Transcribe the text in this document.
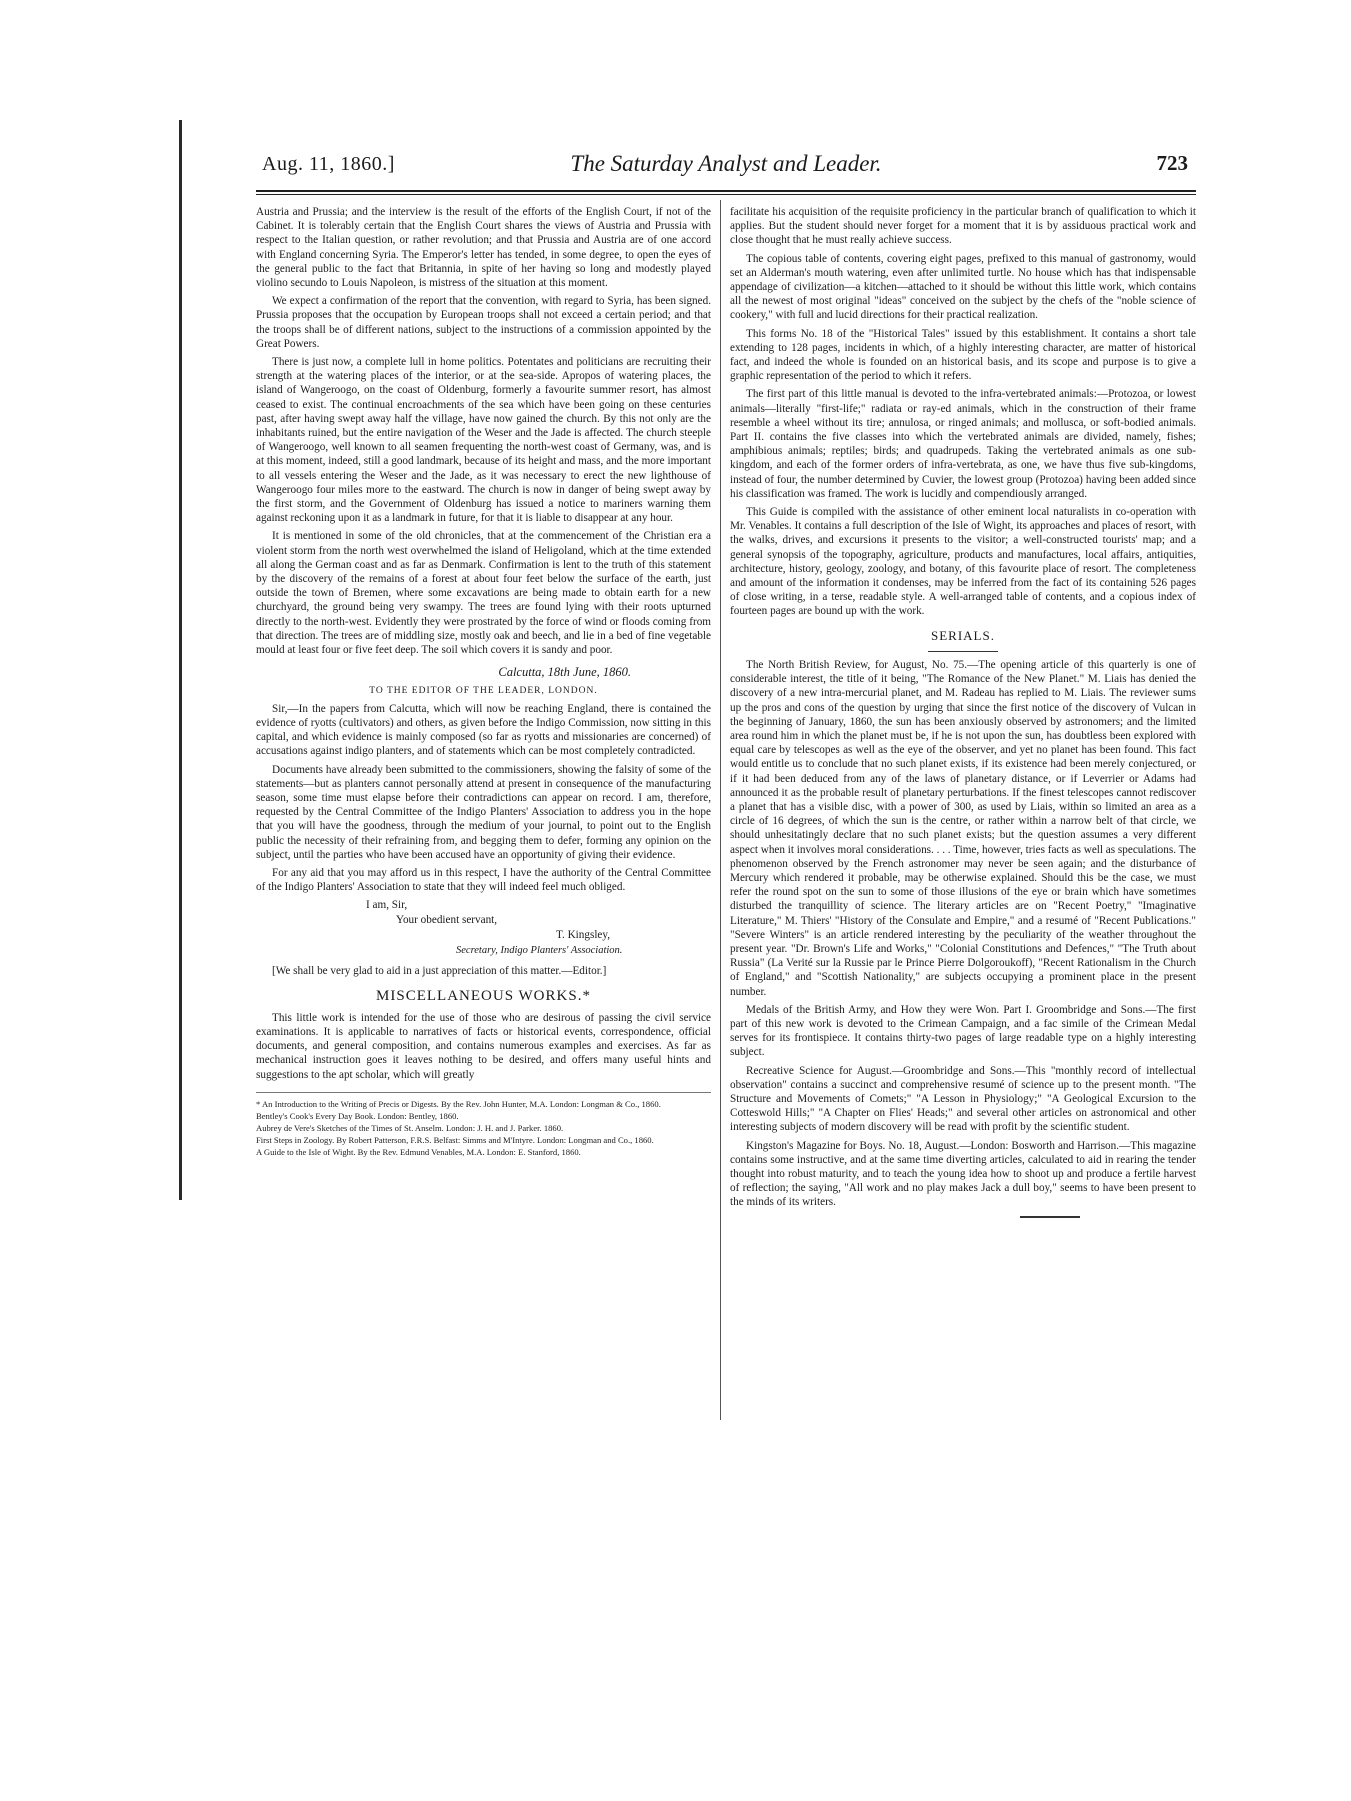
Aug. 11, 1860.]	The Saturday Analyst and Leader.	723

Austria and Prussia; and the interview is the result of the efforts of the English Court, if not of the Cabinet. It is tolerably certain that the English Court shares the views of Austria and Prussia with respect to the Italian question, or rather revolution; and that Prussia and Austria are of one accord with England concerning Syria. The Emperor's letter has tended, in some degree, to open the eyes of the general public to the fact that Britannia, in spite of her having so long and modestly played violino secundo to Louis Napoleon, is mistress of the situation at this moment.

We expect a confirmation of the report that the convention, with regard to Syria, has been signed. Prussia proposes that the occupation by European troops shall not exceed a certain period; and that the troops shall be of different nations, subject to the instructions of a commission appointed by the Great Powers.

There is just now, a complete lull in home politics. Potentates and politicians are recruiting their strength at the watering places of the interior, or at the sea-side. Apropos of watering places, the island of Wangeroogo, on the coast of Oldenburg, formerly a favourite summer resort, has almost ceased to exist. The continual encroachments of the sea which have been going on these centuries past, after having swept away half the village, have now gained the church. By this not only are the inhabitants ruined, but the entire navigation of the Weser and the Jade is affected. The church steeple of Wangeroogo, well known to all seamen frequenting the north-west coast of Germany, was, and is at this moment, indeed, still a good landmark, because of its height and mass, and the more important to all vessels entering the Weser and the Jade, as it was necessary to erect the new lighthouse of Wangeroogo four miles more to the eastward. The church is now in danger of being swept away by the first storm, and the Government of Oldenburg has issued a notice to mariners warning them against reckoning upon it as a landmark in future, for that it is liable to disappear at any hour.

It is mentioned in some of the old chronicles, that at the commencement of the Christian era a violent storm from the north west overwhelmed the island of Heligoland, which at the time extended all along the German coast and as far as Denmark. Confirmation is lent to the truth of this statement by the discovery of the remains of a forest at about four feet below the surface of the earth, just outside the town of Bremen, where some excavations are being made to obtain earth for a new churchyard, the ground being very swampy. The trees are found lying with their roots upturned directly to the north-west. Evidently they were prostrated by the force of wind or floods coming from that direction. The trees are of middling size, mostly oak and beech, and lie in a bed of fine vegetable mould at least four or five feet deep. The soil which covers it is sandy and poor.

Calcutta, 18th June, 1860.
TO THE EDITOR OF THE LEADER, LONDON.

Sir,—In the papers from Calcutta, which will now be reaching England, there is contained the evidence of ryotts (cultivators) and others, as given before the Indigo Commission, now sitting in this capital, and which evidence is mainly composed (so far as ryotts and missionaries are concerned) of accusations against indigo planters, and of statements which can be most completely contradicted.

Documents have already been submitted to the commissioners, showing the falsity of some of the statements—but as planters cannot personally attend at present in consequence of the manufacturing season, some time must elapse before their contradictions can appear on record. I am, therefore, requested by the Central Committee of the Indigo Planters' Association to address you in the hope that you will have the goodness, through the medium of your journal, to point out to the English public the necessity of their refraining from, and begging them to defer, forming any opinion on the subject, until the parties who have been accused have an opportunity of giving their evidence.

For any aid that you may afford us in this respect, I have the authority of the Central Committee of the Indigo Planters' Association to state that they will indeed feel much obliged.

I am, Sir,
Your obedient servant,
T. Kingsley,
Secretary, Indigo Planters' Association.

[We shall be very glad to aid in a just appreciation of this matter.—Editor.]

MISCELLANEOUS WORKS.*

This little work is intended for the use of those who are desirous of passing the civil service examinations. It is applicable to narratives of facts or historical events, correspondence, official documents, and general composition, and contains numerous examples and exercises. As far as mechanical instruction goes it leaves nothing to be desired, and offers many useful hints and suggestions to the apt scholar, which will greatly

* An Introduction to the Writing of Precis or Digests. By the Rev. John Hunter, M.A. London: Longman & Co., 1860.
Bentley's Cook's Every Day Book. London: Bentley, 1860.
Aubrey de Vere's Sketches of the Times of St. Anselm. London: J. H. and J. Parker. 1860.
First Steps in Zoology. By Robert Patterson, F.R.S. Belfast: Simms and M'Intyre. London: Longman and Co., 1860.
A Guide to the Isle of Wight. By the Rev. Edmund Venables, M.A. London: E. Stanford, 1860.

facilitate his acquisition of the requisite proficiency in the particular branch of qualification to which it applies. But the student should never forget for a moment that it is by assiduous practical work and close thought that he must really achieve success.

The copious table of contents, covering eight pages, prefixed to this manual of gastronomy, would set an Alderman's mouth watering, even after unlimited turtle. No house which has that indispensable appendage of civilization—a kitchen—attached to it should be without this little work, which contains all the newest of most original "ideas" conceived on the subject by the chefs of the "noble science of cookery," with full and lucid directions for their practical realization.

This forms No. 18 of the "Historical Tales" issued by this establishment. It contains a short tale extending to 128 pages, incidents in which, of a highly interesting character, are matter of historical fact, and indeed the whole is founded on an historical basis, and its scope and purpose is to give a graphic representation of the period to which it refers.

The first part of this little manual is devoted to the infra-vertebrated animals:—Protozoa, or lowest animals—literally "first-life;" radiata or ray-ed animals, which in the construction of their frame resemble a wheel without its tire; annulosa, or ringed animals; and mollusca, or soft-bodied animals. Part II. contains the five classes into which the vertebrated animals are divided, namely, fishes; amphibious animals; reptiles; birds; and quadrupeds. Taking the vertebrated animals as one sub-kingdom, and each of the former orders of infra-vertebrata, as one, we have thus five sub-kingdoms, instead of four, the number determined by Cuvier, the lowest group (Protozoa) having been added since his classification was framed. The work is lucidly and compendiously arranged.

This Guide is compiled with the assistance of other eminent local naturalists in co-operation with Mr. Venables. It contains a full description of the Isle of Wight, its approaches and places of resort, with the walks, drives, and excursions it presents to the visitor; a well-constructed tourists' map; and a general synopsis of the topography, agriculture, products and manufactures, local affairs, antiquities, architecture, history, geology, zoology, and botany, of this favourite place of resort. The completeness and amount of the information it condenses, may be inferred from the fact of its containing 526 pages of close writing, in a terse, readable style. A well-arranged table of contents, and a copious index of fourteen pages are bound up with the work.

SERIALS.

The North British Review, for August, No. 75.—The opening article of this quarterly is one of considerable interest, the title of it being, "The Romance of the New Planet." M. Liais has denied the discovery of a new intra-mercurial planet, and M. Radeau has replied to M. Liais. The reviewer sums up the pros and cons of the question by urging that since the first notice of the discovery of Vulcan in the beginning of January, 1860, the sun has been anxiously observed by astronomers; and the limited area round him in which the planet must be, if he is not upon the sun, has doubtless been explored with equal care by telescopes as well as the eye of the observer, and yet no planet has been found. This fact would entitle us to conclude that no such planet exists, if its existence had been merely conjectured, or if it had been deduced from any of the laws of planetary distance, or if Leverrier or Adams had announced it as the probable result of planetary perturbations. If the finest telescopes cannot rediscover a planet that has a visible disc, with a power of 300, as used by Liais, within so limited an area as a circle of 16 degrees, of which the sun is the centre, or rather within a narrow belt of that circle, we should unhesitatingly declare that no such planet exists; but the question assumes a very different aspect when it involves moral considerations. . . . Time, however, tries facts as well as speculations. The phenomenon observed by the French astronomer may never be seen again; and the disturbance of Mercury which rendered it probable, may be otherwise explained. Should this be the case, we must refer the round spot on the sun to some of those illusions of the eye or brain which have sometimes disturbed the tranquillity of science. The literary articles are on "Recent Poetry," "Imaginative Literature," M. Thiers' "History of the Consulate and Empire," and a resumé of "Recent Publications." "Severe Winters" is an article rendered interesting by the peculiarity of the weather throughout the present year. "Dr. Brown's Life and Works," "Colonial Constitutions and Defences," "The Truth about Russia" (La Verité sur la Russie par le Prince Pierre Dolgoroukoff), "Recent Rationalism in the Church of England," and "Scottish Nationality," are subjects occupying a prominent place in the present number.

Medals of the British Army, and How they were Won. Part I. Groombridge and Sons.—The first part of this new work is devoted to the Crimean Campaign, and a fac simile of the Crimean Medal serves for its frontispiece. It contains thirty-two pages of large readable type on a highly interesting subject.

Recreative Science for August.—Groombridge and Sons.—This "monthly record of intellectual observation" contains a succinct and comprehensive resumé of science up to the present month. "The Structure and Movements of Comets;" "A Lesson in Physiology;" "A Geological Excursion to the Cotteswold Hills;" "A Chapter on Flies' Heads;" and several other articles on astronomical and other interesting subjects of modern discovery will be read with profit by the scientific student.

Kingston's Magazine for Boys. No. 18, August.—London: Bosworth and Harrison.—This magazine contains some instructive, and at the same time diverting articles, calculated to aid in rearing the tender thought into robust maturity, and to teach the young idea how to shoot up and produce a fertile harvest of reflection; the saying, "All work and no play makes Jack a dull boy," seems to have been present to the minds of its writers.
